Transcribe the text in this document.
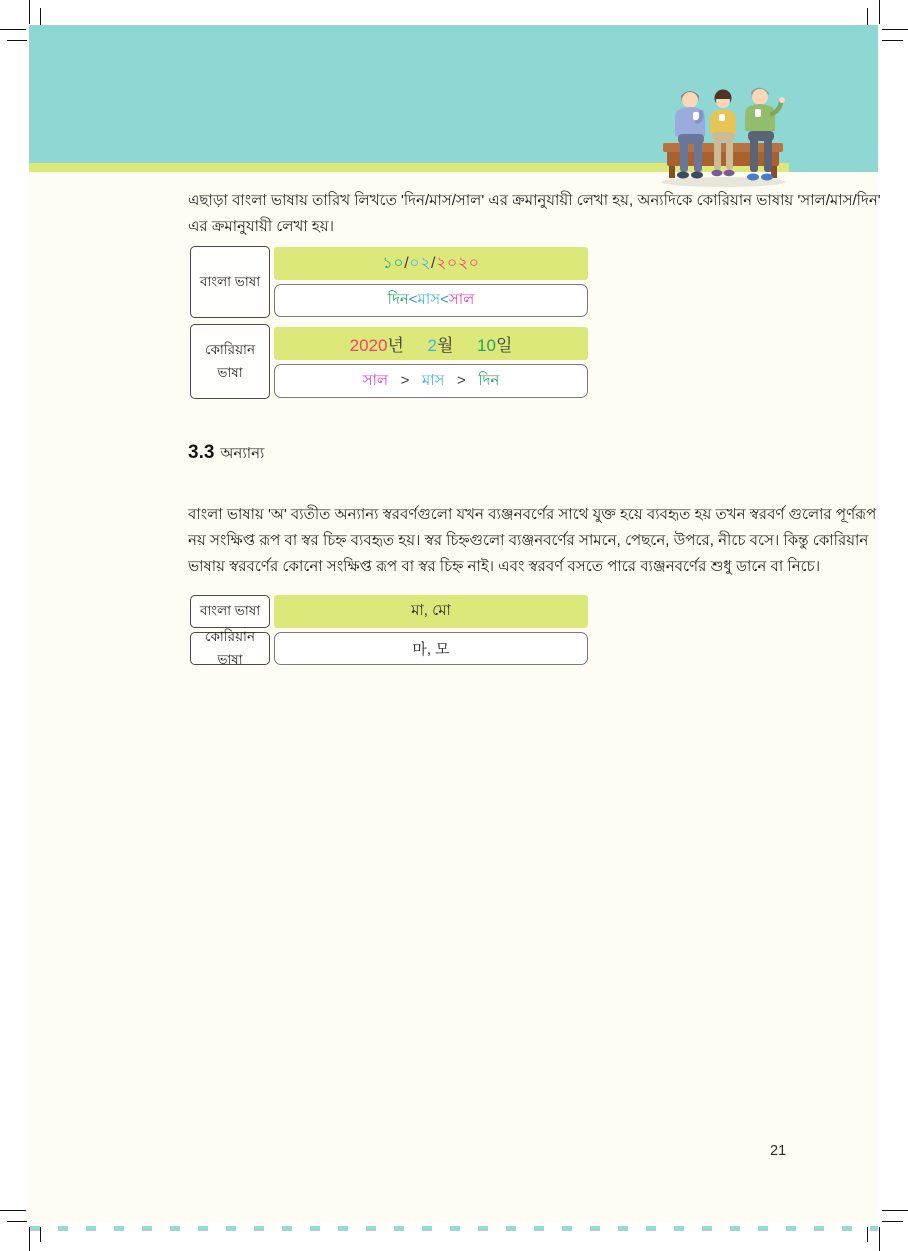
এছাড়া বাংলা ভাষায় তারিখ লিখতে 'দিন/মাস/সাল' এর ক্রমানুযায়ী লেখা হয়, অন্যদিকে কোরিয়ান ভাষায় 'সাল/মাস/দিন' এর ক্রমানুযায়ী লেখা হয়।
বাংলা ভাষা
১০/০২/২০২০
দিন<মাস<সাল
কোরিয়ান ভাষা
2020년 2월 10일
সাল   >   মাস   >   দিন
3.3 অন্যান্য
বাংলা ভাষায় 'অ' ব্যতীত অন্যান্য স্বরবর্ণগুলো যখন ব্যঞ্জনবর্ণের সাথে যুক্ত হয়ে ব্যবহৃত হয় তখন স্বরবর্ণ গুলোর পূর্ণরূপ নয় সংক্ষিপ্ত রূপ বা স্বর চিহ্ন ব্যবহৃত হয়। স্বর চিহ্নগুলো ব্যঞ্জনবর্ণের সামনে, পেছনে, উপরে, নীচে বসে। কিন্তু কোরিয়ান ভাষায় স্বরবর্ণের কোনো সংক্ষিপ্ত রূপ বা স্বর চিহ্ন নাই। এবং স্বরবর্ণ বসতে পারে ব্যঞ্জনবর্ণের শুধু ডানে বা নিচে।
বাংলা ভাষা	মা, মো
কোরিয়ান ভাষা
마, 모
21
